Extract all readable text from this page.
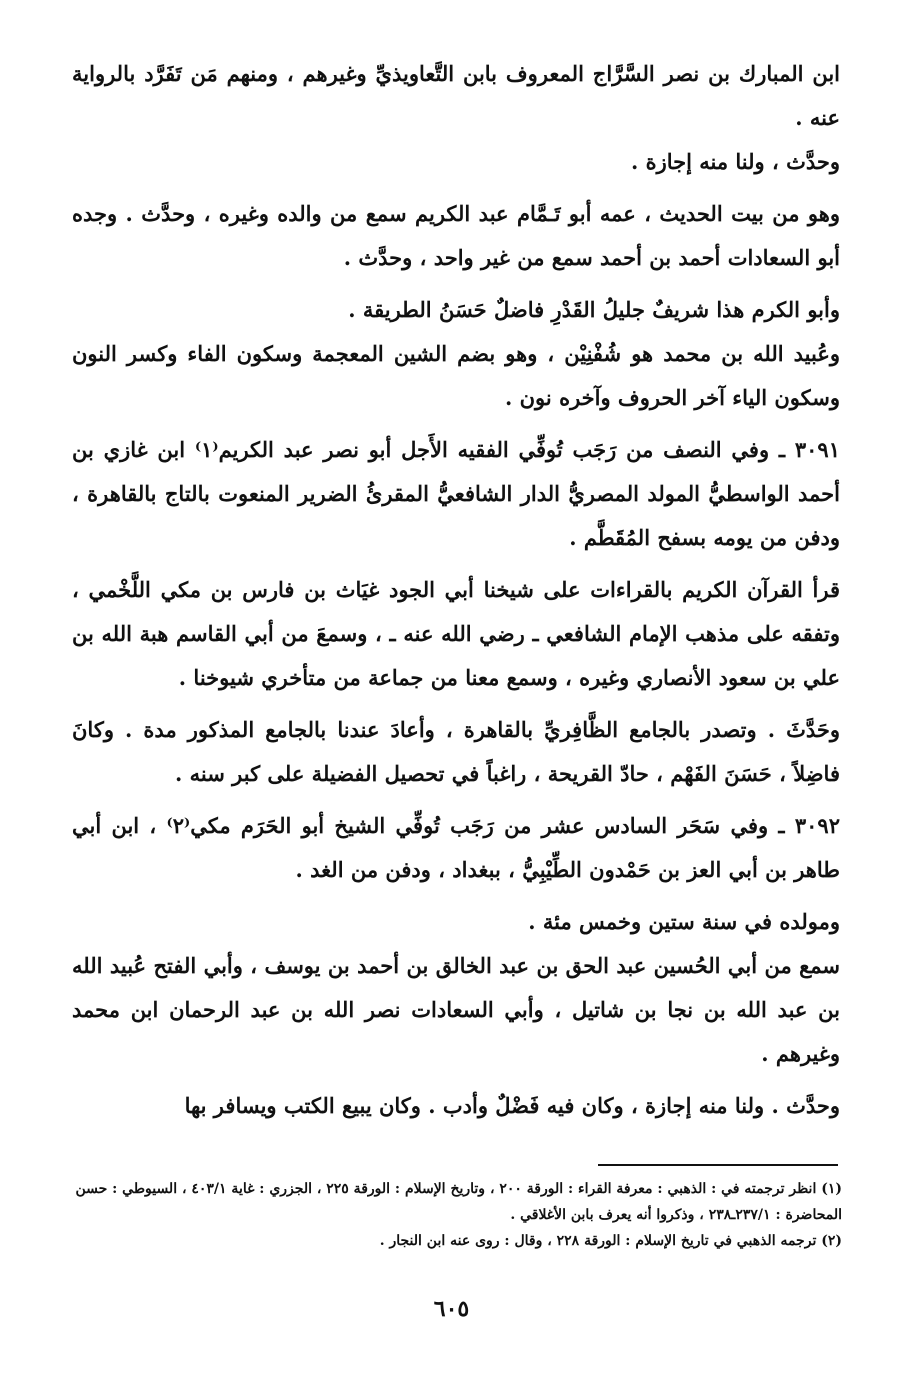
ابن المبارك بن نصر السَّرَّاج المعروف بابن التَّعاويذيِّ وغيرهم ، ومنهم مَن تَفَرَّد بالرواية عنه .

وحدَّث ، ولنا منه إجازة .

وهو من بيت الحديث ، عمه أبو تَـمَّام عبد الكريم سمع من والده وغيره ، وحدَّث . وجده أبو السعادات أحمد بن أحمد سمع من غير واحد ، وحدَّث .

وأبو الكرم هذا شريفٌ جليلُ القَدْرِ فاضلٌ حَسَنُ الطريقة .

وعُبيد الله بن محمد هو شُفْنِيْن ، وهو بضم الشين المعجمة وسكون الفاء وكسر النون وسكون الياء آخر الحروف وآخره نون .

٣٠٩١ ـ وفي النصف من رَجَب تُوفِّي الفقيه الأَجل أبو نصر عبد الكريم⁽١⁾ ابن غازي بن أحمد الواسطيُّ المولد المصريُّ الدار الشافعيُّ المقرئُ الضرير المنعوت بالتاج بالقاهرة ، ودفن من يومه بسفح المُقَطَّم .

قرأ القرآن الكريم بالقراءات على شيخنا أبي الجود غيَاث بن فارس بن مكي اللَّخْمي ، وتفقه على مذهب الإمام الشافعي ـ رضي الله عنه ـ ، وسمعَ من أبي القاسم هبة الله بن علي بن سعود الأنصاري وغيره ، وسمع معنا من جماعة من متأخري شيوخنا .

وحَدَّثَ . وتصدر بالجامع الظَّافِريِّ بالقاهرة ، وأعادَ عندنا بالجامع المذكور مدة . وكانَ فاضِلاً ، حَسَنَ الفَهْم ، حادّ القريحة ، راغباً في تحصيل الفضيلة على كبر سنه .

٣٠٩٢ ـ وفي سَحَر السادس عشر من رَجَب تُوفِّي الشيخ أبو الحَرَم مكي⁽٢⁾ ، ابن أبي طاهر بن أبي العز بن حَمْدون الطِّيْبِيُّ ، ببغداد ، ودفن من الغد .

ومولده في سنة ستين وخمس مئة .

سمع من أبي الحُسين عبد الحق بن عبد الخالق بن أحمد بن يوسف ، وأبي الفتح عُبيد الله بن عبد الله بن نجا بن شاتيل ، وأبي السعادات نصر الله بن عبد الرحمان ابن محمد وغيرهم .

وحدَّث . ولنا منه إجازة ، وكان فيه فَضْلٌ وأدب . وكان يبيع الكتب ويسافر بها

(١) انظر ترجمته في : الذهبي : معرفة القراء : الورقة ٢٠٠ ، وتاريخ الإسلام : الورقة ٢٢٥ ، الجزري : غاية ٤٠٣/١ ، السيوطي : حسن المحاضرة : ٢٣٧/١ـ٢٣٨ ، وذكروا أنه يعرف بابن الأغلاقي .

(٢) ترجمه الذهبي في تاريخ الإسلام : الورقة ٢٢٨ ، وقال : روى عنه ابن النجار .

٦٠٥
